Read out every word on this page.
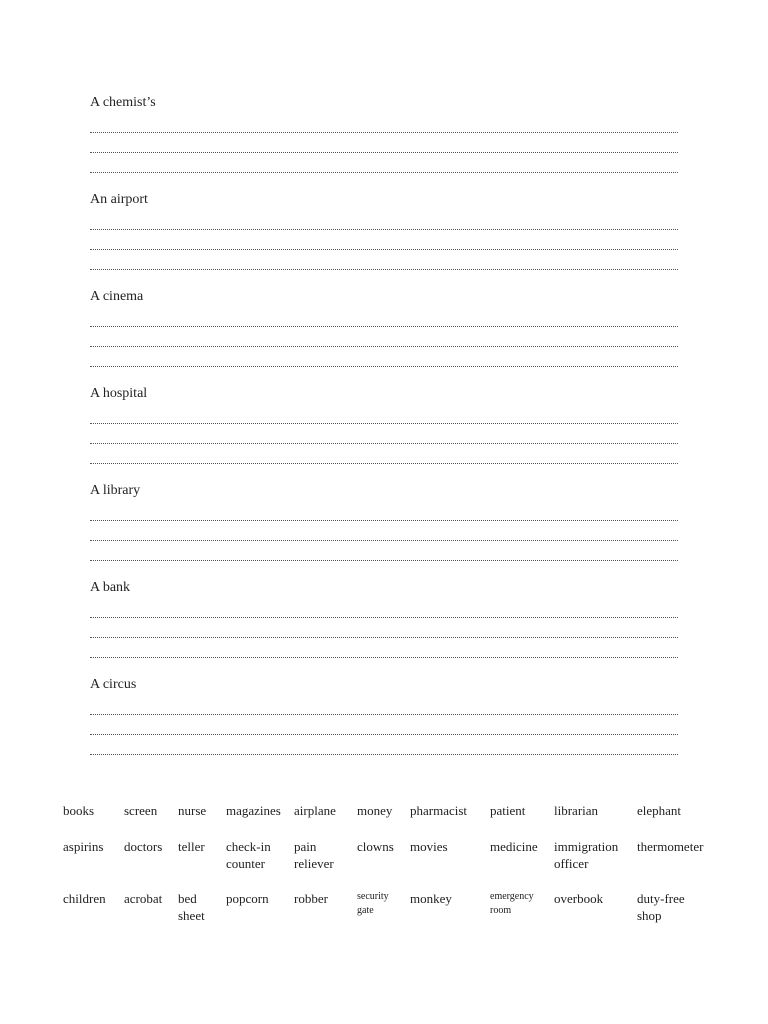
A chemist’s

An airport

A cinema

A hospital

A library

A bank

A circus

books	screen	nurse	magazines	airplane	money	pharmacist	patient	librarian	elephant
aspirins	doctors	teller	check-in counter	pain reliever	clowns	movies	medicine	immigration officer	thermometer
children	acrobat	bed sheet	popcorn	robber	security gate	monkey	emergency room	overbook	duty-free shop
